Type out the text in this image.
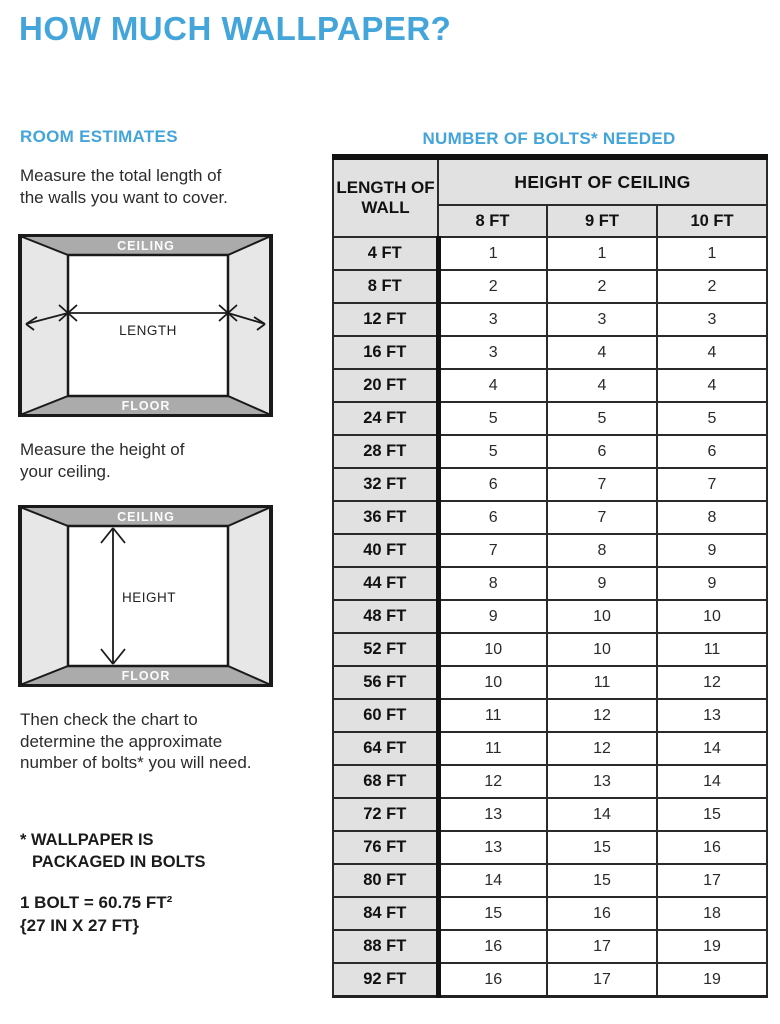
HOW MUCH WALLPAPER?
ROOM ESTIMATES
Measure the total length of
the walls you want to cover.
CEILING
FLOOR
LENGTH
Measure the height of
your ceiling.
CEILING
FLOOR
HEIGHT
Then check the chart to
determine the approximate
number of bolts* you will need.
* WALLPAPER IS
PACKAGED IN BOLTS
1 BOLT = 60.75 FT²
{27 IN X 27 FT}
NUMBER OF BOLTS* NEEDED
LENGTH OF WALL	HEIGHT OF CEILING		
	8 FT	9 FT	10 FT
4 FT	1	1	1
8 FT	2	2	2
12 FT	3	3	3
16 FT	3	4	4
20 FT	4	4	4
24 FT	5	5	5
28 FT	5	6	6
32 FT	6	7	7
36 FT	6	7	8
40 FT	7	8	9
44 FT	8	9	9
48 FT	9	10	10
52 FT	10	10	11
56 FT	10	11	12
60 FT	11	12	13
64 FT	11	12	14
68 FT	12	13	14
72 FT	13	14	15
76 FT	13	15	16
80 FT	14	15	17
84 FT	15	16	18
88 FT	16	17	19
92 FT	16	17	19
